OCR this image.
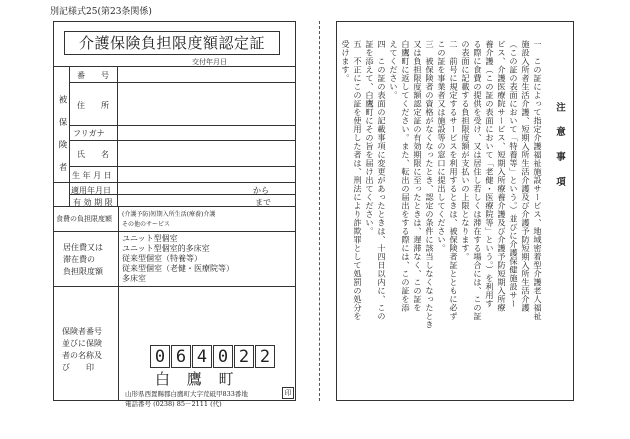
別記様式25(第23条関係)
介護保険負担限度額認定証
交付年月日
被保険者
番　　号
住　　所
フリガナ
氏　　名
生 年 月 日
適用年月日	から
有 効 期 限	まで
食費の負担限度額
(介護予防)短期入所生活(療養)介護
その他のサービス
居住費又は
滞在費の
負担限度額
ユニット型個室
ユニット型個室的多床室
従来型個室（特養等）
従来型個室（老健・医療院等）
多床室
保険者番号
並びに保険
者の名称及
び　　印
0 6 4 0 2 2
白 鷹 町
山形県西置賜郡白鷹町大字荒砥甲833番地
電話番号 (0238) 85－2111 (代)
印
注 意 事 項
一　この証によって指定介護福祉施設サービス、地域密着型介護老人福祉
施設入所者生活介護、短期入所生活介護及び介護予防短期入所生活介護
（この証の表面において「特養等」という。）並びに介護保健施設サー
ビス、介護医療院サービス、短期入所療養介護及び介護予防短期入所療
養介護（この証の表面において「老健・医療院等」という。）を利用す
る際に食費の提供を受け、又は居住し若しくは滞在する場合には、この証
の表面に記載する負担限度額が支払いの上限となります。
二　前号に規定するサービスを利用するときは、被保険者証とともに必ず
この証を事業者又は施設等の窓口に提出してください。
三　被保険者の資格がなくなったとき、認定の条件に該当しなくなったとき
又は負担限度額認定証の有効期限に至ったときは、遅滞なく、この証を
白鷹町に返してください。また、転出の届出をする際には、この証を添
えてください。
四　この証の表面の記載事項に変更があったときは、十四日以内に、この
証を添えて、白鷹町にその旨を届け出てください。
五　不正にこの証を使用した者は、刑法により詐欺罪として処罰の処分を
受けます。
